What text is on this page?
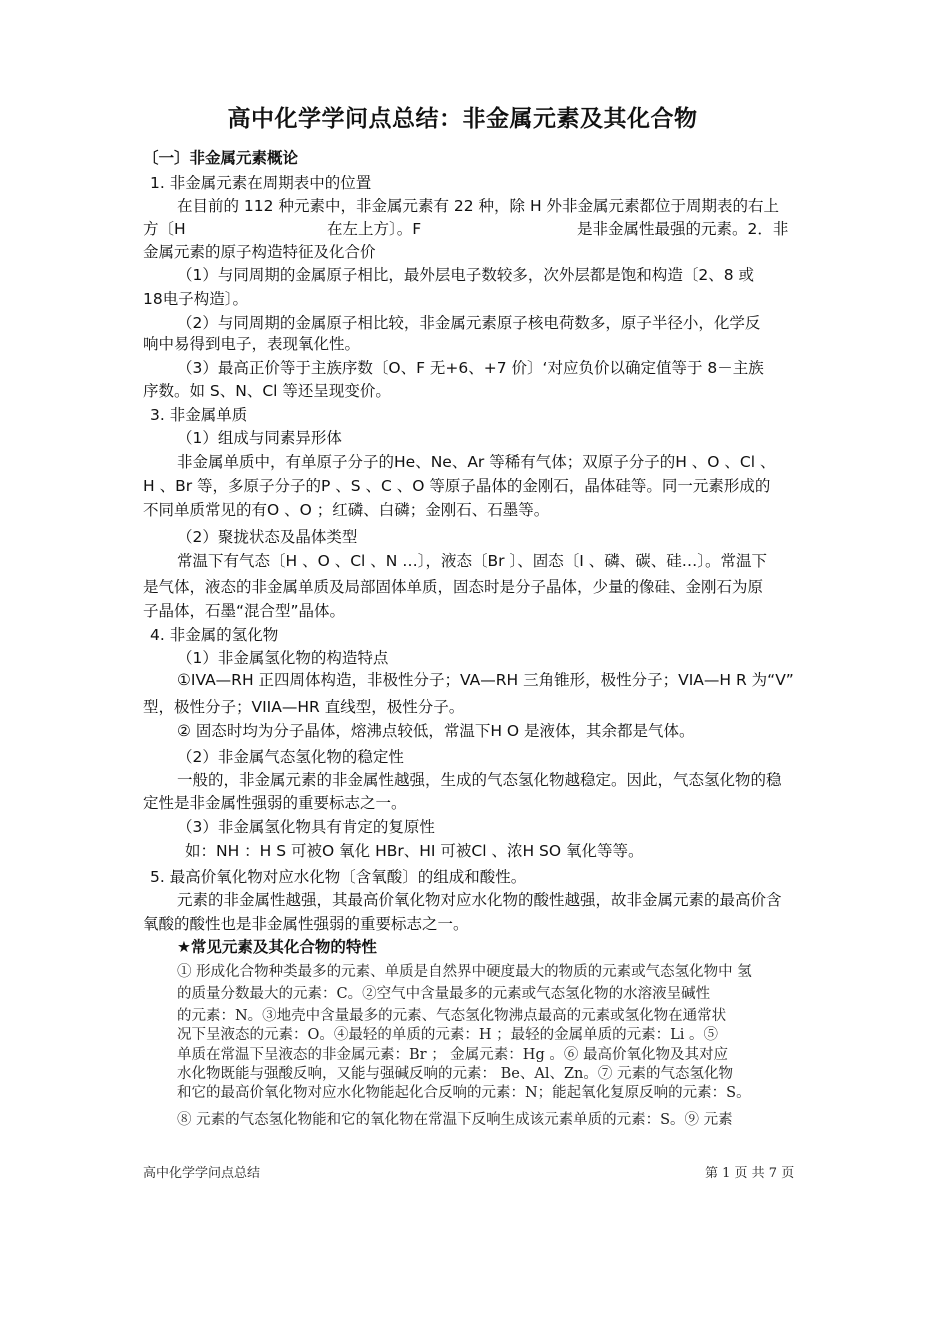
高中化学学问点总结：非金属元素及其化合物
〔一〕非金属元素概论
1. 非金属元素在周期表中的位置
在目前的 112 种元素中，非金属元素有 22 种，除 H 外非金属元素都位于周期表的右上
方〔H	在左上方〕。F	是非金属性最强的元素。2．非
金属元素的原子构造特征及化合价
（1）与同周期的金属原子相比，最外层电子数较多，次外层都是饱和构造〔2、8 或
18电子构造〕。
（2）与同周期的金属原子相比较，非金属元素原子核电荷数多，原子半径小，化学反
响中易得到电子，表现氧化性。
（3）最高正价等于主族序数〔O、F 无+6、+7 价〕‘对应负价以确定值等于 8－主族
序数。如 S、N、Cl 等还呈现变价。
3. 非金属单质
（1）组成与同素异形体
非金属单质中，有单原子分子的He、Ne、Ar 等稀有气体；双原子分子的H 、O 、Cl 、
H 、Br 等，多原子分子的P 、S 、C 、O 等原子晶体的金刚石，晶体硅等。同一元素形成的
不同单质常见的有O 、O ；红磷、白磷；金刚石、石墨等。
（2）聚拢状态及晶体类型
常温下有气态〔H 、O 、Cl 、N …〕，液态〔Br 〕、固态〔I 、磷、碳、硅…〕。常温下
是气体，液态的非金属单质及局部固体单质，固态时是分子晶体，少量的像硅、金刚石为原
子晶体，石墨“混合型”晶体。
4. 非金属的氢化物
（1）非金属氢化物的构造特点
①IVA—RH 正四周体构造，非极性分子；VA—RH 三角锥形，极性分子；VIA—H R 为“V”
型，极性分子；VIIA—HR 直线型，极性分子。
② 固态时均为分子晶体，熔沸点较低，常温下H O 是液体，其余都是气体。
（2）非金属气态氢化物的稳定性
一般的，非金属元素的非金属性越强，生成的气态氢化物越稳定。因此，气态氢化物的稳
定性是非金属性强弱的重要标志之一。
（3）非金属氢化物具有肯定的复原性
如：NH ：H S 可被O 氧化 HBr、HI 可被Cl 、浓H SO 氧化等等。
5. 最高价氧化物对应水化物〔含氧酸〕的组成和酸性。
元素的非金属性越强，其最高价氧化物对应水化物的酸性越强，故非金属元素的最高价含
氧酸的酸性也是非金属性强弱的重要标志之一。
★常见元素及其化合物的特性
① 形成化合物种类最多的元素、单质是自然界中硬度最大的物质的元素或气态氢化物中 氢
的质量分数最大的元素：C。②空气中含量最多的元素或气态氢化物的水溶液呈碱性
的元素：N。③地壳中含量最多的元素、气态氢化物沸点最高的元素或氢化物在通常状
况下呈液态的元素：O。④最轻的单质的元素：H ；最轻的金属单质的元素：Li 。⑤
单质在常温下呈液态的非金属元素：Br ； 金属元素：Hg 。⑥ 最高价氧化物及其对应
水化物既能与强酸反响，又能与强碱反响的元素： Be、Al、Zn。⑦ 元素的气态氢化物
和它的最高价氧化物对应水化物能起化合反响的元素：N；能起氧化复原反响的元素：S。
⑧ 元素的气态氢化物能和它的氧化物在常温下反响生成该元素单质的元素：S。⑨ 元素
高中化学学问点总结	第 1 页 共 7 页
